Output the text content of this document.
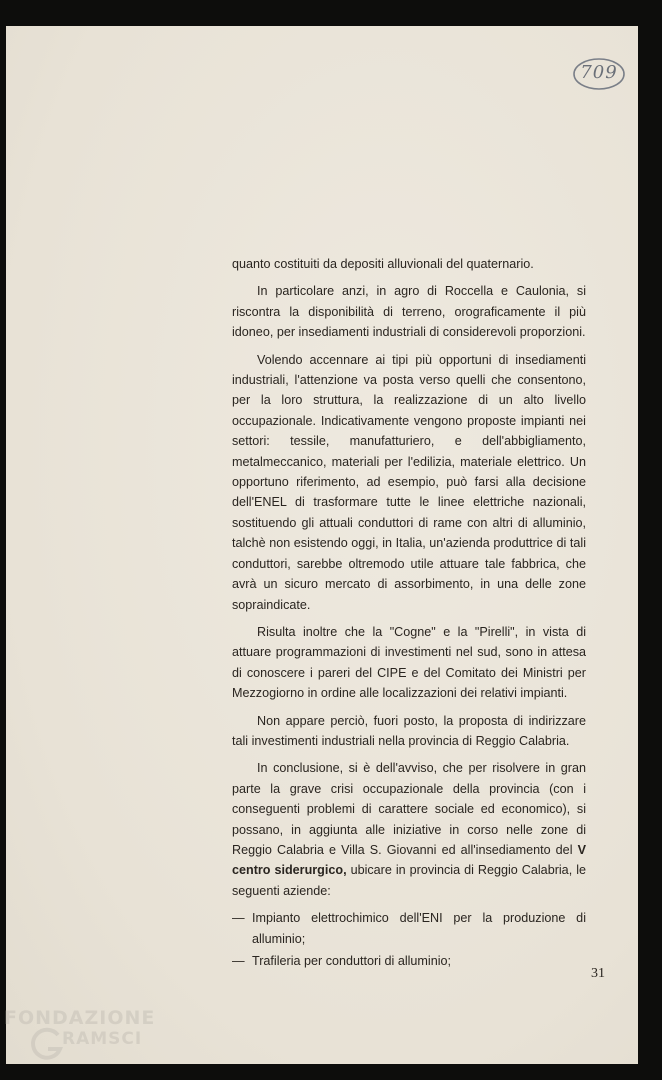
709

quanto costituiti da depositi alluvionali del quaternario.

In particolare anzi, in agro di Roccella e Caulonia, si riscontra la disponibilità di terreno, orograficamente il più idoneo, per insediamenti industriali di considerevoli proporzioni.

Volendo accennare ai tipi più opportuni di insediamenti industriali, l'attenzione va posta verso quelli che consentono, per la loro struttura, la realizzazione di un alto livello occupazionale. Indicativamente vengono proposte impianti nei settori: tessile, manufatturiero, e dell'abbigliamento, metalmeccanico, materiali per l'edilizia, materiale elettrico. Un opportuno riferimento, ad esempio, può farsi alla decisione dell'ENEL di trasformare tutte le linee elettriche nazionali, sostituendo gli attuali conduttori di rame con altri di alluminio, talchè non esistendo oggi, in Italia, un'azienda produttrice di tali conduttori, sarebbe oltremodo utile attuare tale fabbrica, che avrà un sicuro mercato di assorbimento, in una delle zone sopraindicate.

Risulta inoltre che la "Cogne" e la "Pirelli", in vista di attuare programmazioni di investimenti nel sud, sono in attesa di conoscere i pareri del CIPE e del Comitato dei Ministri per Mezzogiorno in ordine alle localizzazioni dei relativi impianti.

Non appare perciò, fuori posto, la proposta di indirizzare tali investimenti industriali nella provincia di Reggio Calabria.

In conclusione, si è dell'avviso, che per risolvere in gran parte la grave crisi occupazionale della provincia (con i conseguenti problemi di carattere sociale ed economico), si possano, in aggiunta alle iniziative in corso nelle zone di Reggio Calabria e Villa S. Giovanni ed all'insediamento del V centro siderurgico, ubicare in provincia di Reggio Calabria, le seguenti aziende:

— Impianto elettrochimico dell'ENI per la produzione di alluminio;
— Trafileria per conduttori di alluminio;
31
FONDAZIONE
RAMSCI
